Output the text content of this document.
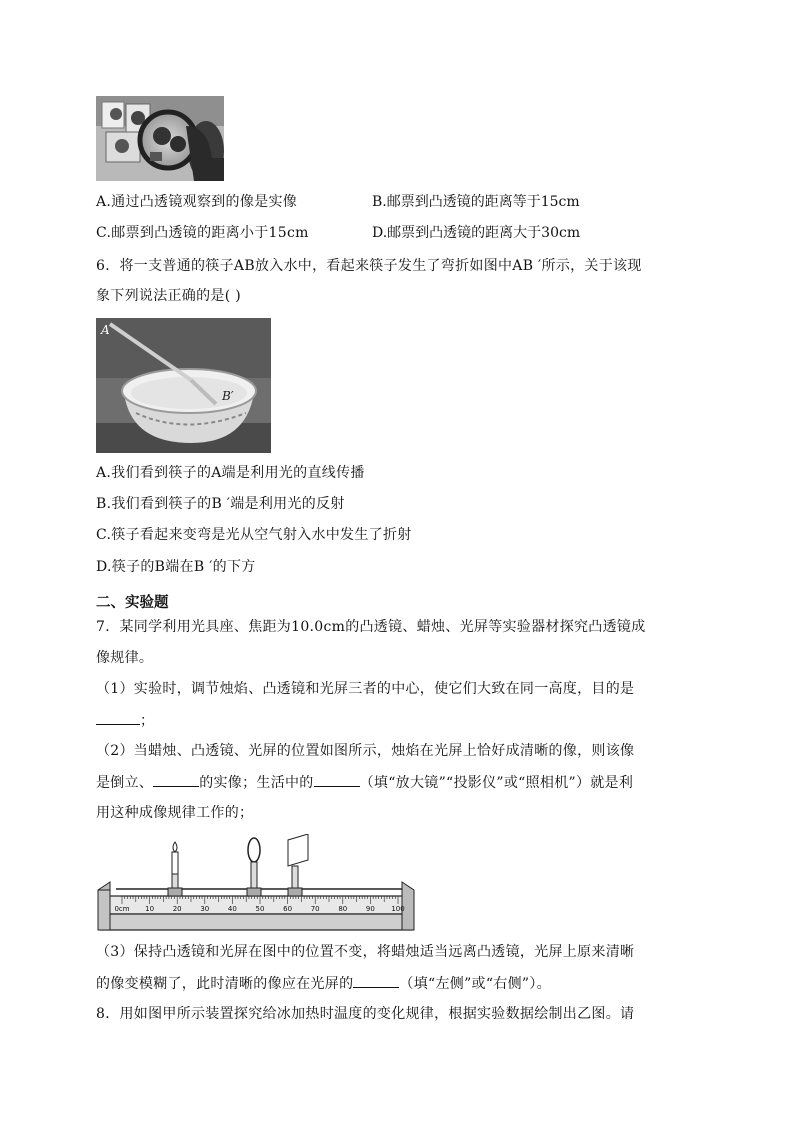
A.通过凸透镜观察到的像是实像	B.邮票到凸透镜的距离等于15cm
C.邮票到凸透镜的距离小于15cm	D.邮票到凸透镜的距离大于30cm
6．将一支普通的筷子AB放入水中，看起来筷子发生了弯折如图中AB ′所示，关于该现
象下列说法正确的是( )
A
B′
A.我们看到筷子的A端是利用光的直线传播
B.我们看到筷子的B ′端是利用光的反射
C.筷子看起来变弯是光从空气射入水中发生了折射
D.筷子的B端在B ′的下方
二、实验题
7．某同学利用光具座、焦距为10.0cm的凸透镜、蜡烛、光屏等实验器材探究凸透镜成
像规律。
（1）实验时，调节烛焰、凸透镜和光屏三者的中心，使它们大致在同一高度，目的是
；
（2）当蜡烛、凸透镜、光屏的位置如图所示，烛焰在光屏上恰好成清晰的像，则该像
是倒立、	的实像；生活中的	（填“放大镜”“投影仪”或“照相机”）就是利
用这种成像规律工作的；
0cm 10	20	30	40	50	60	70	80	90 100
（3）保持凸透镜和光屏在图中的位置不变，将蜡烛适当远离凸透镜，光屏上原来清晰
的像变模糊了，此时清晰的像应在光屏的	（填“左侧”或“右侧”）。
8．用如图甲所示装置探究给冰加热时温度的变化规律，根据实验数据绘制出乙图。请
